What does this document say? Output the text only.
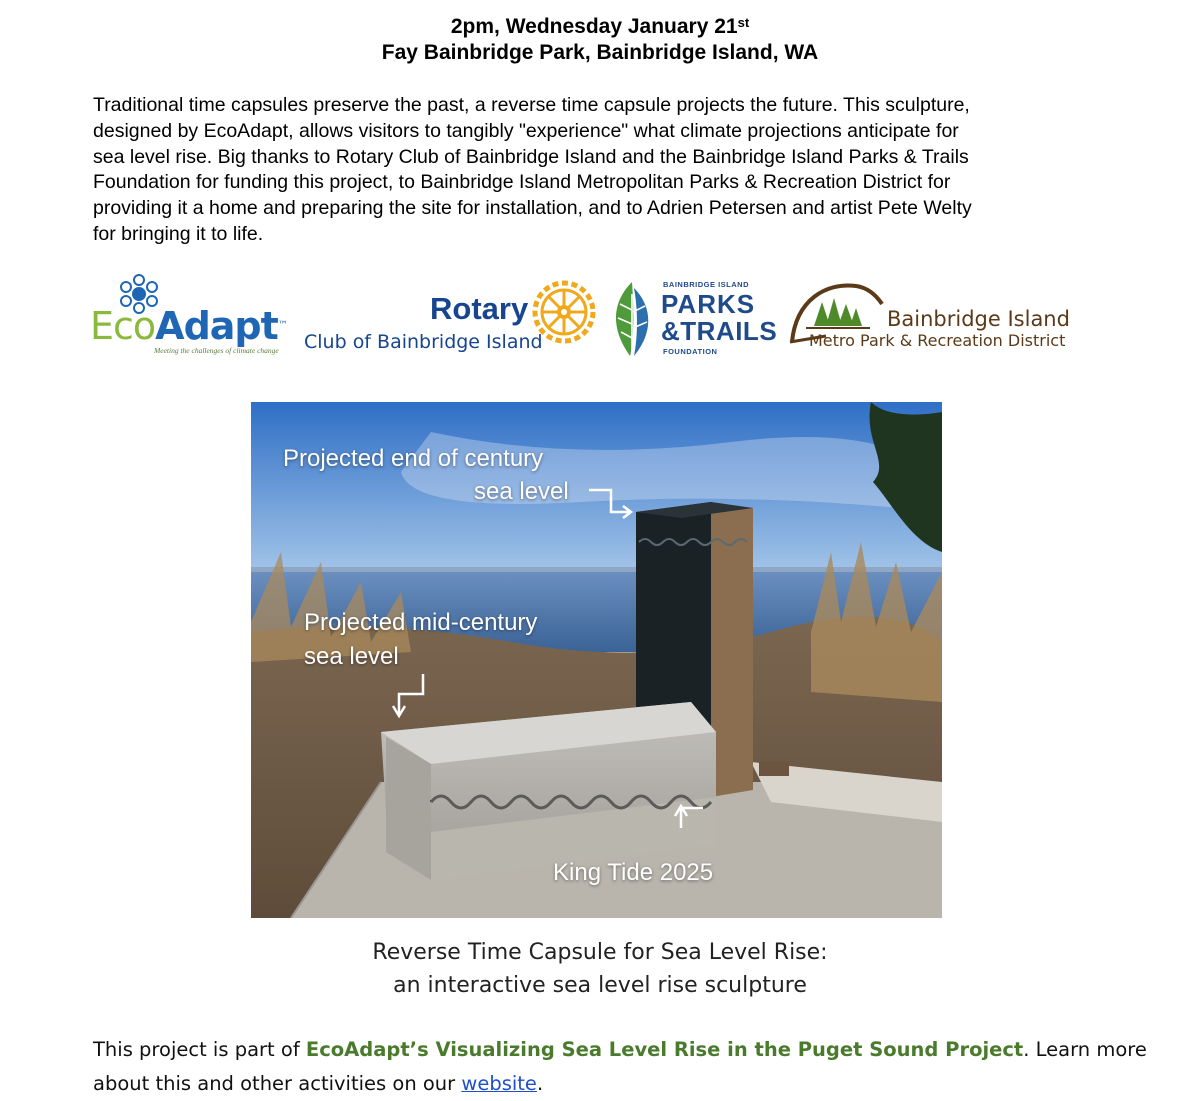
2pm, Wednesday January 21st
Fay Bainbridge Park, Bainbridge Island, WA
Traditional time capsules preserve the past, a reverse time capsule projects the future. This sculpture,
designed by EcoAdapt, allows visitors to tangibly "experience" what climate projections anticipate for
sea level rise. Big thanks to Rotary Club of Bainbridge Island and the Bainbridge Island Parks & Trails
Foundation for funding this project, to Bainbridge Island Metropolitan Parks & Recreation District for
providing it a home and preparing the site for installation, and to Adrien Petersen and artist Pete Welty
for bringing it to life.
EcoAdapt™
Meeting the challenges of climate change
Rotary
Club of Bainbridge Island
BAINBRIDGE ISLAND
PARKS
&TRAILS
FOUNDATION
Bainbridge Island
Metro Park & Recreation District
Projected end of century
sea level
Projected mid-century
sea level
King Tide 2025
Reverse Time Capsule for Sea Level Rise:
an interactive sea level rise sculpture
This project is part of EcoAdapt’s Visualizing Sea Level Rise in the Puget Sound Project. Learn more
about this and other activities on our website.
